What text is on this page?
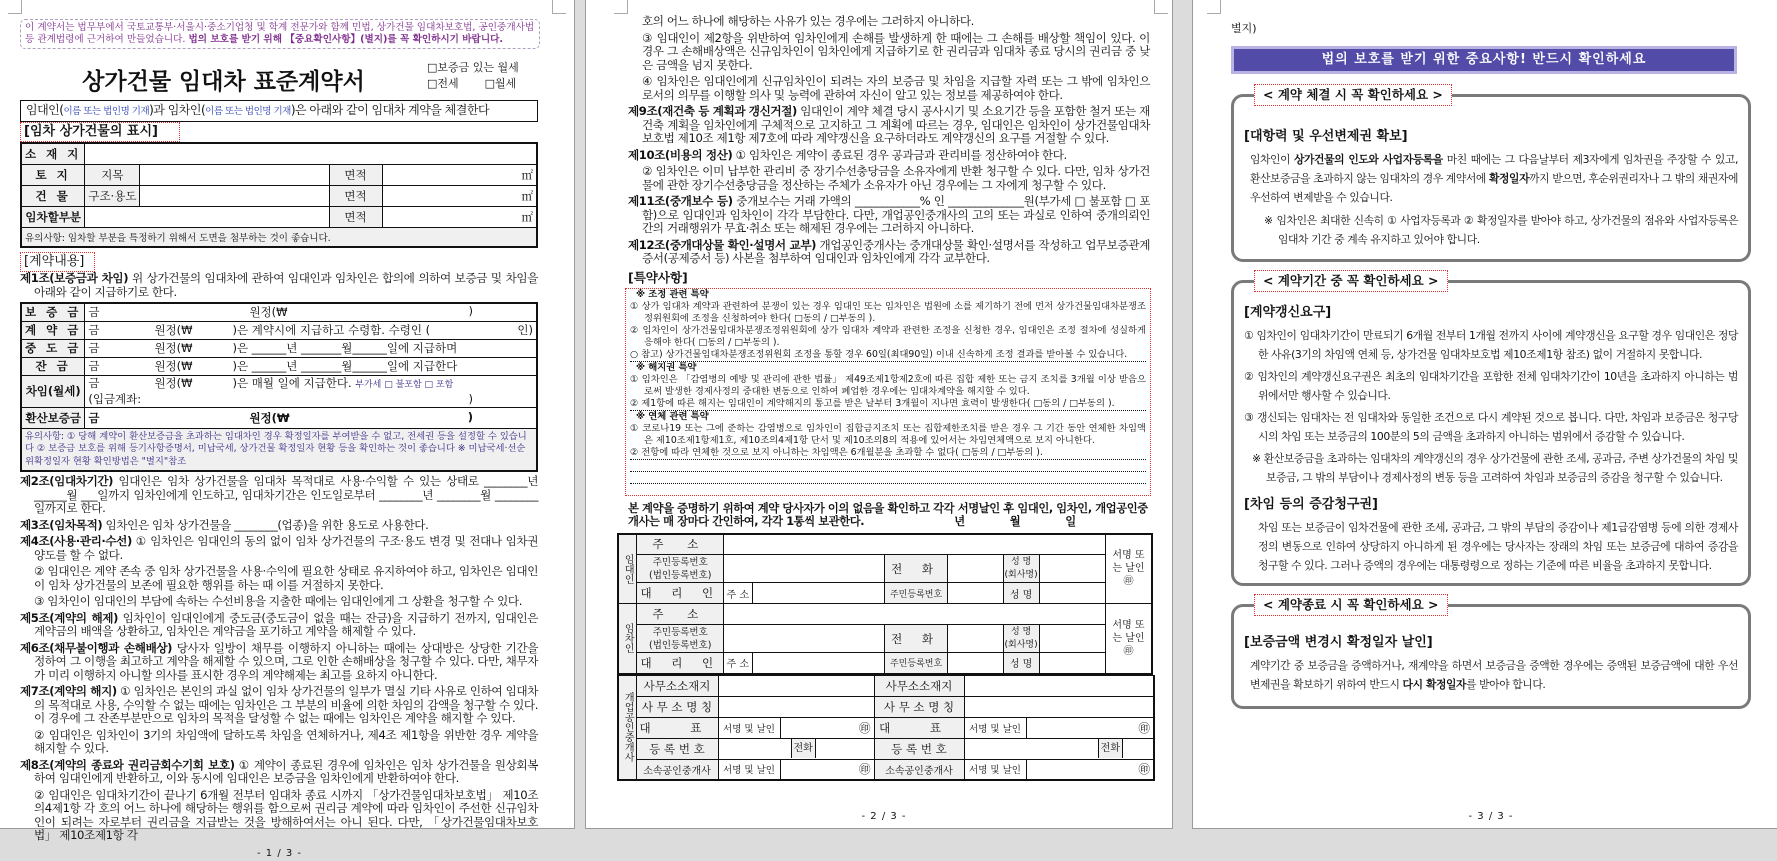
이 계약서는 법무부에서 국토교통부·서울시·중소기업청 및 학계 전문가와 함께 민법, 상가건물 임대차보호법, 공인중개사법 등 관계법령에 근거하여 만들었습니다. 법의 보호를 받기 위해 【중요확인사항】(별지)를 꼭 확인하시기 바랍니다.
상가건물 임대차 표준계약서
□보증금 있는 월세
□전세 □월세
임대인(이름 또는 법인명 기재)과 임차인(이름 또는 법인명 기재)은 아래와 같이 임대차 계약을 체결한다
[임차 상가건물의 표시]
소 재 지				
토 지	지목		면적	㎡
건 물	구조·용도		면적	㎡
임차할부분			면적	㎡
유의사항: 임차할 부분을 특정하기 위해서 도면을 첨부하는 것이 좋습니다.				
[계약내용]

제1조(보증금과 차임) 위 상가건물의 임대차에 관하여 임대인과 임차인은 합의에 의하여 보증금 및 차임을 아래와 같이 지급하기로 한다.

보 증 금	금 원정(₩ )

계 약 금	금 원정(₩ )은 계약시에 지급하고 수령함. 수령인 ( 인)

중 도 금	금 원정(₩ )은 ______년 _______월______일에 지급하며
잔 금	금 원정(₩ )은 ______년 _______월______일에 지급한다
차임(월세)	금 원정(₩ )은 매월 일에 지급한다. 부가세 □ 불포함 □ 포함
(입금계좌: )

환산보증금	금 원정(₩ )

유의사항: ① 당해 계약이 환산보증금을 초과하는 임대차인 경우 확정일자를 부여받을 수 없고, 전세권 등을 설정할 수 있습니다 ② 보증금 보호를 위해 등기사항증명서, 미납국세, 상가건물 확정일자 현황 등을 확인하는 것이 좋습니다 ※ 미납국세·선순위확정일자 현황 확인방법은 "별지"참조	

제2조(임대차기간) 임대인은 임차 상가건물을 임대차 목적대로 사용·수익할 수 있는 상태로 ________년 ______월 ___일까지 임차인에게 인도하고, 임대차기간은 인도일로부터 ________년 ________월 ________일까지로 한다.

제3조(임차목적) 임차인은 임차 상가건물을 ________(업종)을 위한 용도로 사용한다.

제4조(사용·관리·수선) ① 임차인은 임대인의 동의 없이 임차 상가건물의 구조·용도 변경 및 전대나 임차권 양도를 할 수 없다.

② 임대인은 계약 존속 중 임차 상가건물을 사용·수익에 필요한 상태로 유지하여야 하고, 임차인은 임대인이 임차 상가건물의 보존에 필요한 행위를 하는 때 이를 거절하지 못한다.

③ 임차인이 임대인의 부담에 속하는 수선비용을 지출한 때에는 임대인에게 그 상환을 청구할 수 있다.

제5조(계약의 해제) 임차인이 임대인에게 중도금(중도금이 없을 때는 잔금)을 지급하기 전까지, 임대인은 계약금의 배액을 상환하고, 임차인은 계약금을 포기하고 계약을 해제할 수 있다.

제6조(채무불이행과 손해배상) 당사자 일방이 채무를 이행하지 아니하는 때에는 상대방은 상당한 기간을 정하여 그 이행을 최고하고 계약을 해제할 수 있으며, 그로 인한 손해배상을 청구할 수 있다. 다만, 채무자가 미리 이행하지 아니할 의사를 표시한 경우의 계약해제는 최고를 요하지 아니한다.

제7조(계약의 해지) ① 임차인은 본인의 과실 없이 임차 상가건물의 일부가 멸실 기타 사유로 인하여 임대차의 목적대로 사용, 수익할 수 없는 때에는 임차인은 그 부분의 비율에 의한 차임의 감액을 청구할 수 있다. 이 경우에 그 잔존부분만으로 임차의 목적을 달성할 수 없는 때에는 임차인은 계약을 해지할 수 있다.

② 임대인은 임차인이 3기의 차임액에 달하도록 차임을 연체하거나, 제4조 제1항을 위반한 경우 계약을 해지할 수 있다.

제8조(계약의 종료와 권리금회수기회 보호) ① 계약이 종료된 경우에 임차인은 임차 상가건물을 원상회복하여 임대인에게 반환하고, 이와 동시에 임대인은 보증금을 임차인에게 반환하여야 한다.

② 임대인은 임대차기간이 끝나기 6개월 전부터 임대차 종료 시까지 「상가건물임대차보호법」 제10조의4제1항 각 호의 어느 하나에 해당하는 행위를 함으로써 권리금 계약에 따라 임차인이 주선한 신규임차인이 되려는 자로부터 권리금을 지급받는 것을 방해하여서는 아니 된다. 다만, 「상가건물임대차보호법」 제10조제1항 각

- 1 / 3 -

호의 어느 하나에 해당하는 사유가 있는 경우에는 그러하지 아니하다.

③ 임대인이 제2항을 위반하여 임차인에게 손해를 발생하게 한 때에는 그 손해를 배상할 책임이 있다. 이 경우 그 손해배상액은 신규임차인이 임차인에게 지급하기로 한 권리금과 임대차 종료 당시의 권리금 중 낮은 금액을 넘지 못한다.

④ 임차인은 임대인에게 신규임차인이 되려는 자의 보증금 및 차임을 지급할 자력 또는 그 밖에 임차인으로서의 의무를 이행할 의사 및 능력에 관하여 자신이 알고 있는 정보를 제공하여야 한다.

제9조(재건축 등 계획과 갱신거절) 임대인이 계약 체결 당시 공사시기 및 소요기간 등을 포함한 철거 또는 재건축 계획을 임차인에게 구체적으로 고지하고 그 계획에 따르는 경우, 임대인은 임차인이 상가건물임대차보호법 제10조 제1항 제7호에 따라 계약갱신을 요구하더라도 계약갱신의 요구를 거절할 수 있다.

제10조(비용의 정산) ① 임차인은 계약이 종료된 경우 공과금과 관리비를 정산하여야 한다.

② 임차인은 이미 납부한 관리비 중 장기수선충당금을 소유자에게 반환 청구할 수 있다. 다만, 임차 상가건물에 관한 장기수선충당금을 정산하는 주체가 소유자가 아닌 경우에는 그 자에게 청구할 수 있다.

제11조(중개보수 등) 중개보수는 거래 가액의 ____________% 인 ______________원(부가세 □ 불포함 □ 포함)으로 임대인과 임차인이 각각 부담한다. 다만, 개업공인중개사의 고의 또는 과실로 인하여 중개의뢰인간의 거래행위가 무효·취소 또는 해제된 경우에는 그러하지 아니하다.

제12조(중개대상물 확인·설명서 교부) 개업공인중개사는 중개대상물 확인·설명서를 작성하고 업무보증관계증서(공제증서 등) 사본을 첨부하여 임대인과 임차인에게 각각 교부한다.

[특약사항]
※ 조정 관련 특약
① 상가 임대차 계약과 관련하여 분쟁이 있는 경우 임대인 또는 임차인은 법원에 소를 제기하기 전에 먼저 상가건물임대차분쟁조정위원회에 조정을 신청하여야 한다( □동의 / □부동의 ).
② 임차인이 상가건물임대차분쟁조정위원회에 상가 임대차 계약과 관련한 조정을 신청한 경우, 임대인은 조정 절차에 성실하게 응해야 한다( □동의 / □부동의 ).
○ 참고) 상가건물임대차분쟁조정위원회 조정을 통할 경우 60일(최대90일) 이내 신속하게 조정 결과를 받아볼 수 있습니다.
※ 해지권 특약
① 임차인은 「감염병의 예방 및 관리에 관한 법률」 제49조제1항제2호에 따른 집합 제한 또는 금지 조치를 3개월 이상 받음으로써 발생한 경제사정의 중대한 변동으로 인하여 폐업한 경우에는 임대차계약을 해지할 수 있다.
② 제1항에 따른 해지는 임대인이 계약해지의 통고를 받은 날부터 3개월이 지나면 효력이 발생한다( □동의 / □부동의 ).
※ 연체 관련 특약
① 코로나19 또는 그에 준하는 감염병으로 임차인이 집합금지조치 또는 집합제한조치를 받은 경우 그 기간 동안 연체한 차임액은 제10조제1항제1호, 제10조의4제1항 단서 및 제10조의8의 적용에 있어서는 차임연체액으로 보지 아니한다.
② 전항에 따라 연체한 것으로 보지 아니하는 차임액은 6개월분을 초과할 수 없다( □동의 / □부동의 ).
본 계약을 증명하기 위하여 계약 당사자가 이의 없음을 확인하고 각각 서명날인 후 임대인, 임차인, 개업공인중개사는 매 장마다 간인하여, 각각 1통씩 보관한다.	년	월	일
임대인	주 소							서명 또는 날인㊞
	주민등록번호
(법인등록번호)			전 화		성 명
(회사명)		
	대 리 인	주 소		주민등록번호		성 명		
임차인	주 소							서명 또는 날인㊞
	주민등록번호
(법인등록번호)			전 화		성 명
(회사명)		
	대 리 인	주 소		주민등록번호		성 명		
개업공인중개사	사무소소재지			사무소소재지		
	사 무 소 명 칭			사 무 소 명 칭		
	대 표	서명 및 날인	㊞	대 표	서명 및 날인	㊞
	등 록 번 호	전화		등 록 번 호	전화	
	소속공인중개사	서명 및 날인	㊞	소속공인중개사	서명 및 날인	㊞
- 2 / 3 -
별지)
법의 보호를 받기 위한 중요사항! 반드시 확인하세요
< 계약 체결 시 꼭 확인하세요 >
[대항력 및 우선변제권 확보]

임차인이 상가건물의 인도와 사업자등록을 마친 때에는 그 다음날부터 제3자에게 임차권을 주장할 수 있고, 환산보증금을 초과하지 않는 임대차의 경우 계약서에 확정일자까지 받으면, 후순위권리자나 그 밖의 채권자에 우선하여 변제받을 수 있습니다.

※ 임차인은 최대한 신속히 ① 사업자등록과 ② 확정일자를 받아야 하고, 상가건물의 점유와 사업자등록은 임대차 기간 중 계속 유지하고 있어야 합니다.

< 계약기간 중 꼭 확인하세요 >
[계약갱신요구]

① 임차인이 임대차기간이 만료되기 6개월 전부터 1개월 전까지 사이에 계약갱신을 요구할 경우 임대인은 정당한 사유(3기의 차임액 연체 등, 상가건물 임대차보호법 제10조제1항 참조) 없이 거절하지 못합니다.

② 임차인의 계약갱신요구권은 최초의 임대차기간을 포함한 전체 임대차기간이 10년을 초과하지 아니하는 범위에서만 행사할 수 있습니다.

③ 갱신되는 임대차는 전 임대차와 동일한 조건으로 다시 계약된 것으로 봅니다. 다만, 차임과 보증금은 청구당시의 차임 또는 보증금의 100분의 5의 금액을 초과하지 아니하는 범위에서 증감할 수 있습니다.

※ 환산보증금을 초과하는 임대차의 계약갱신의 경우 상가건물에 관한 조세, 공과금, 주변 상가건물의 차임 및 보증금, 그 밖의 부담이나 경제사정의 변동 등을 고려하여 차임과 보증금의 증감을 청구할 수 있습니다.

[차임 등의 증감청구권]

차임 또는 보증금이 임차건물에 관한 조세, 공과금, 그 밖의 부담의 증감이나 제1급감염병 등에 의한 경제사정의 변동으로 인하여 상당하지 아니하게 된 경우에는 당사자는 장래의 차임 또는 보증금에 대하여 증감을 청구할 수 있다. 그러나 증액의 경우에는 대통령령으로 정하는 기준에 따른 비율을 초과하지 못합니다.

< 계약종료 시 꼭 확인하세요 >
[보증금액 변경시 확정일자 날인]

계약기간 중 보증금을 증액하거나, 재계약을 하면서 보증금을 증액한 경우에는 증액된 보증금액에 대한 우선변제권을 확보하기 위하여 반드시 다시 확정일자를 받아야 합니다.

- 3 / 3 -
